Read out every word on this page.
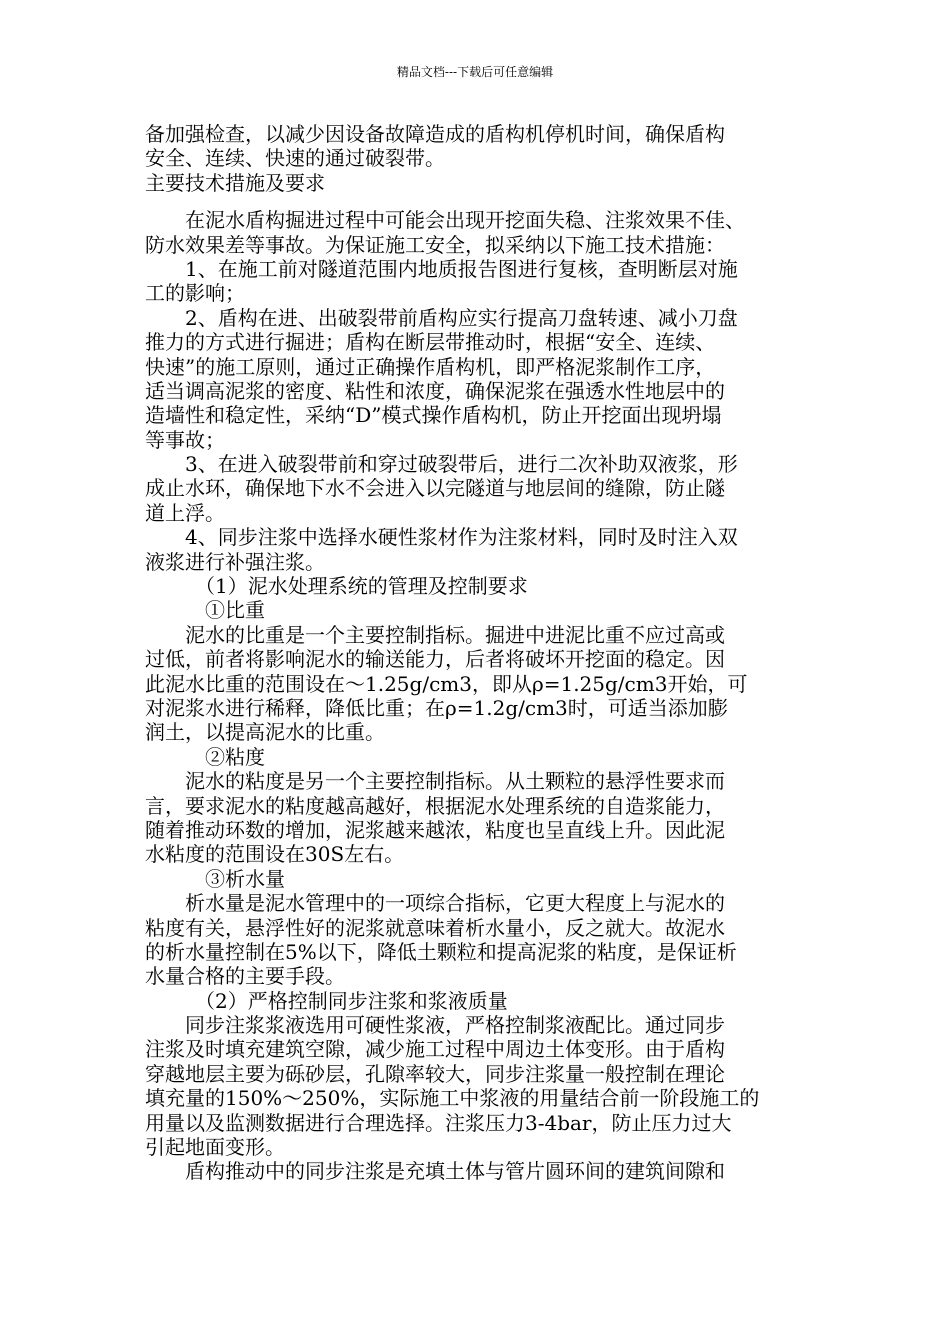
精品文档---下载后可任意编辑
备加强检查，以减少因设备故障造成的盾构机停机时间，确保盾构
安全、连续、快速的通过破裂带。
主要技术措施及要求
　　在泥水盾构掘进过程中可能会出现开挖面失稳、注浆效果不佳、
防水效果差等事故。为保证施工安全，拟采纳以下施工技术措施：
　　1、在施工前对隧道范围内地质报告图进行复核，查明断层对施
工的影响；
　　2、盾构在进、出破裂带前盾构应实行提高刀盘转速、减小刀盘
推力的方式进行掘进；盾构在断层带推动时，根据“安全、连续、
快速”的施工原则，通过正确操作盾构机，即严格泥浆制作工序，
适当调高泥浆的密度、粘性和浓度，确保泥浆在强透水性地层中的
造墙性和稳定性，采纳“D”模式操作盾构机，防止开挖面出现坍塌
等事故；
　　3、在进入破裂带前和穿过破裂带后，进行二次补助双液浆，形
成止水环，确保地下水不会进入以完隧道与地层间的缝隙，防止隧
道上浮。
　　4、同步注浆中选择水硬性浆材作为注浆材料，同时及时注入双
液浆进行补强注浆。
　　　（1）泥水处理系统的管理及控制要求
　　　①比重
　　泥水的比重是一个主要控制指标。掘进中进泥比重不应过高或
过低，前者将影响泥水的输送能力，后者将破坏开挖面的稳定。因
此泥水比重的范围设在～1.25g/cm3，即从ρ=1.25g/cm3开始，可
对泥浆水进行稀释，降低比重；在ρ=1.2g/cm3时，可适当添加膨
润土，以提高泥水的比重。
　　　②粘度
　　泥水的粘度是另一个主要控制指标。从土颗粒的悬浮性要求而
言，要求泥水的粘度越高越好，根据泥水处理系统的自造浆能力，
随着推动环数的增加，泥浆越来越浓，粘度也呈直线上升。因此泥
水粘度的范围设在30S左右。
　　　③析水量
　　析水量是泥水管理中的一项综合指标，它更大程度上与泥水的
粘度有关，悬浮性好的泥浆就意味着析水量小，反之就大。故泥水
的析水量控制在5%以下，降低土颗粒和提高泥浆的粘度，是保证析
水量合格的主要手段。
　　　（2）严格控制同步注浆和浆液质量
　　同步注浆浆液选用可硬性浆液，严格控制浆液配比。通过同步
注浆及时填充建筑空隙，减少施工过程中周边土体变形。由于盾构
穿越地层主要为砾砂层，孔隙率较大，同步注浆量一般控制在理论
填充量的150%～250%，实际施工中浆液的用量结合前一阶段施工的
用量以及监测数据进行合理选择。注浆压力3-4bar，防止压力过大
引起地面变形。
　　盾构推动中的同步注浆是充填土体与管片圆环间的建筑间隙和
